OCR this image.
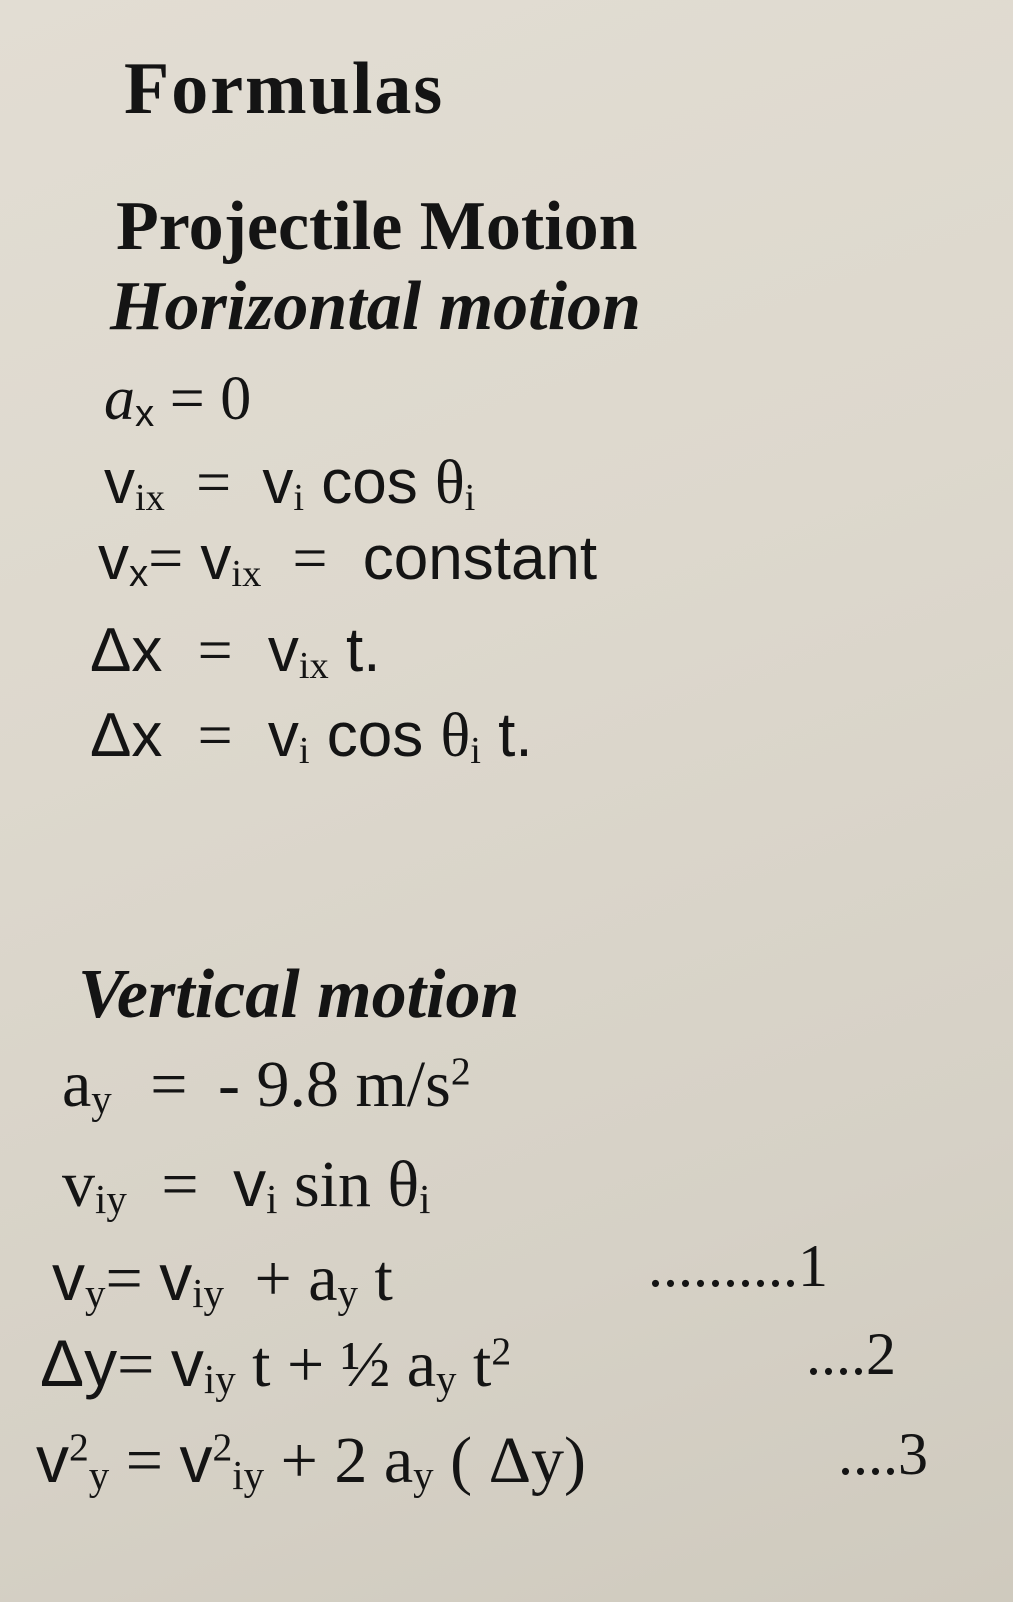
Formulas
Projectile Motion
Horizontal motion
ax = 0
vix = vi cos θi
vx= vix = constant
Δx = vix t.
Δx = vi cos θi t.
Vertical motion
ay = - 9.8 $m/s^2$
viy = vi sin θi
vy= viy + ay t	..........1
Δy= viy t + ½ ay $t^2$	....2
$v^2y = v^2iy + 2$ ay ( Δy)	....3
